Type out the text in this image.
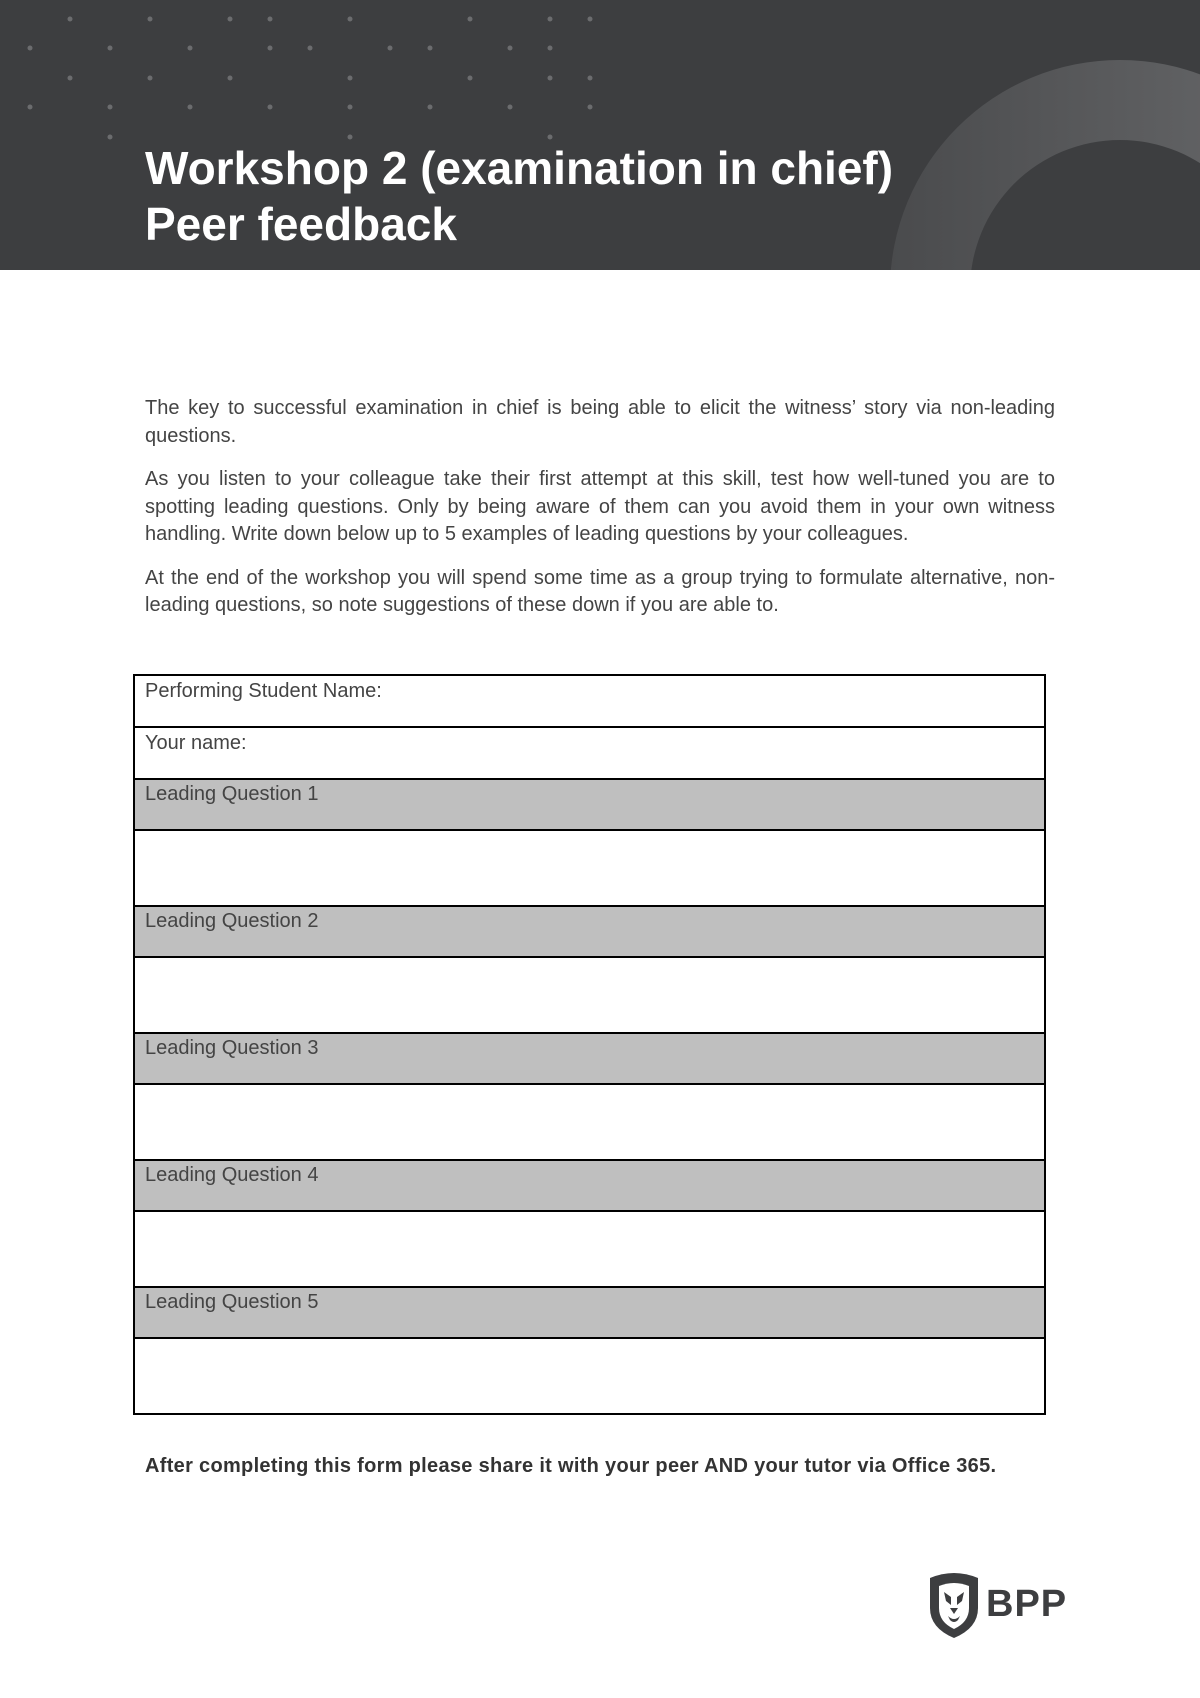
Workshop 2 (examination in chief)
Peer feedback

The key to successful examination in chief is being able to elicit the witness’ story via non-leading questions.

As you listen to your colleague take their first attempt at this skill, test how well-tuned you are to spotting leading questions. Only by being aware of them can you avoid them in your own witness handling. Write down below up to 5 examples of leading questions by your colleagues.

At the end of the workshop you will spend some time as a group trying to formulate alternative, non-leading questions, so note suggestions of these down if you are able to.

Performing Student Name:
Your name:
Leading Question 1

Leading Question 2

Leading Question 3

Leading Question 4

Leading Question 5

After completing this form please share it with your peer AND your tutor via Office 365.

BPP
